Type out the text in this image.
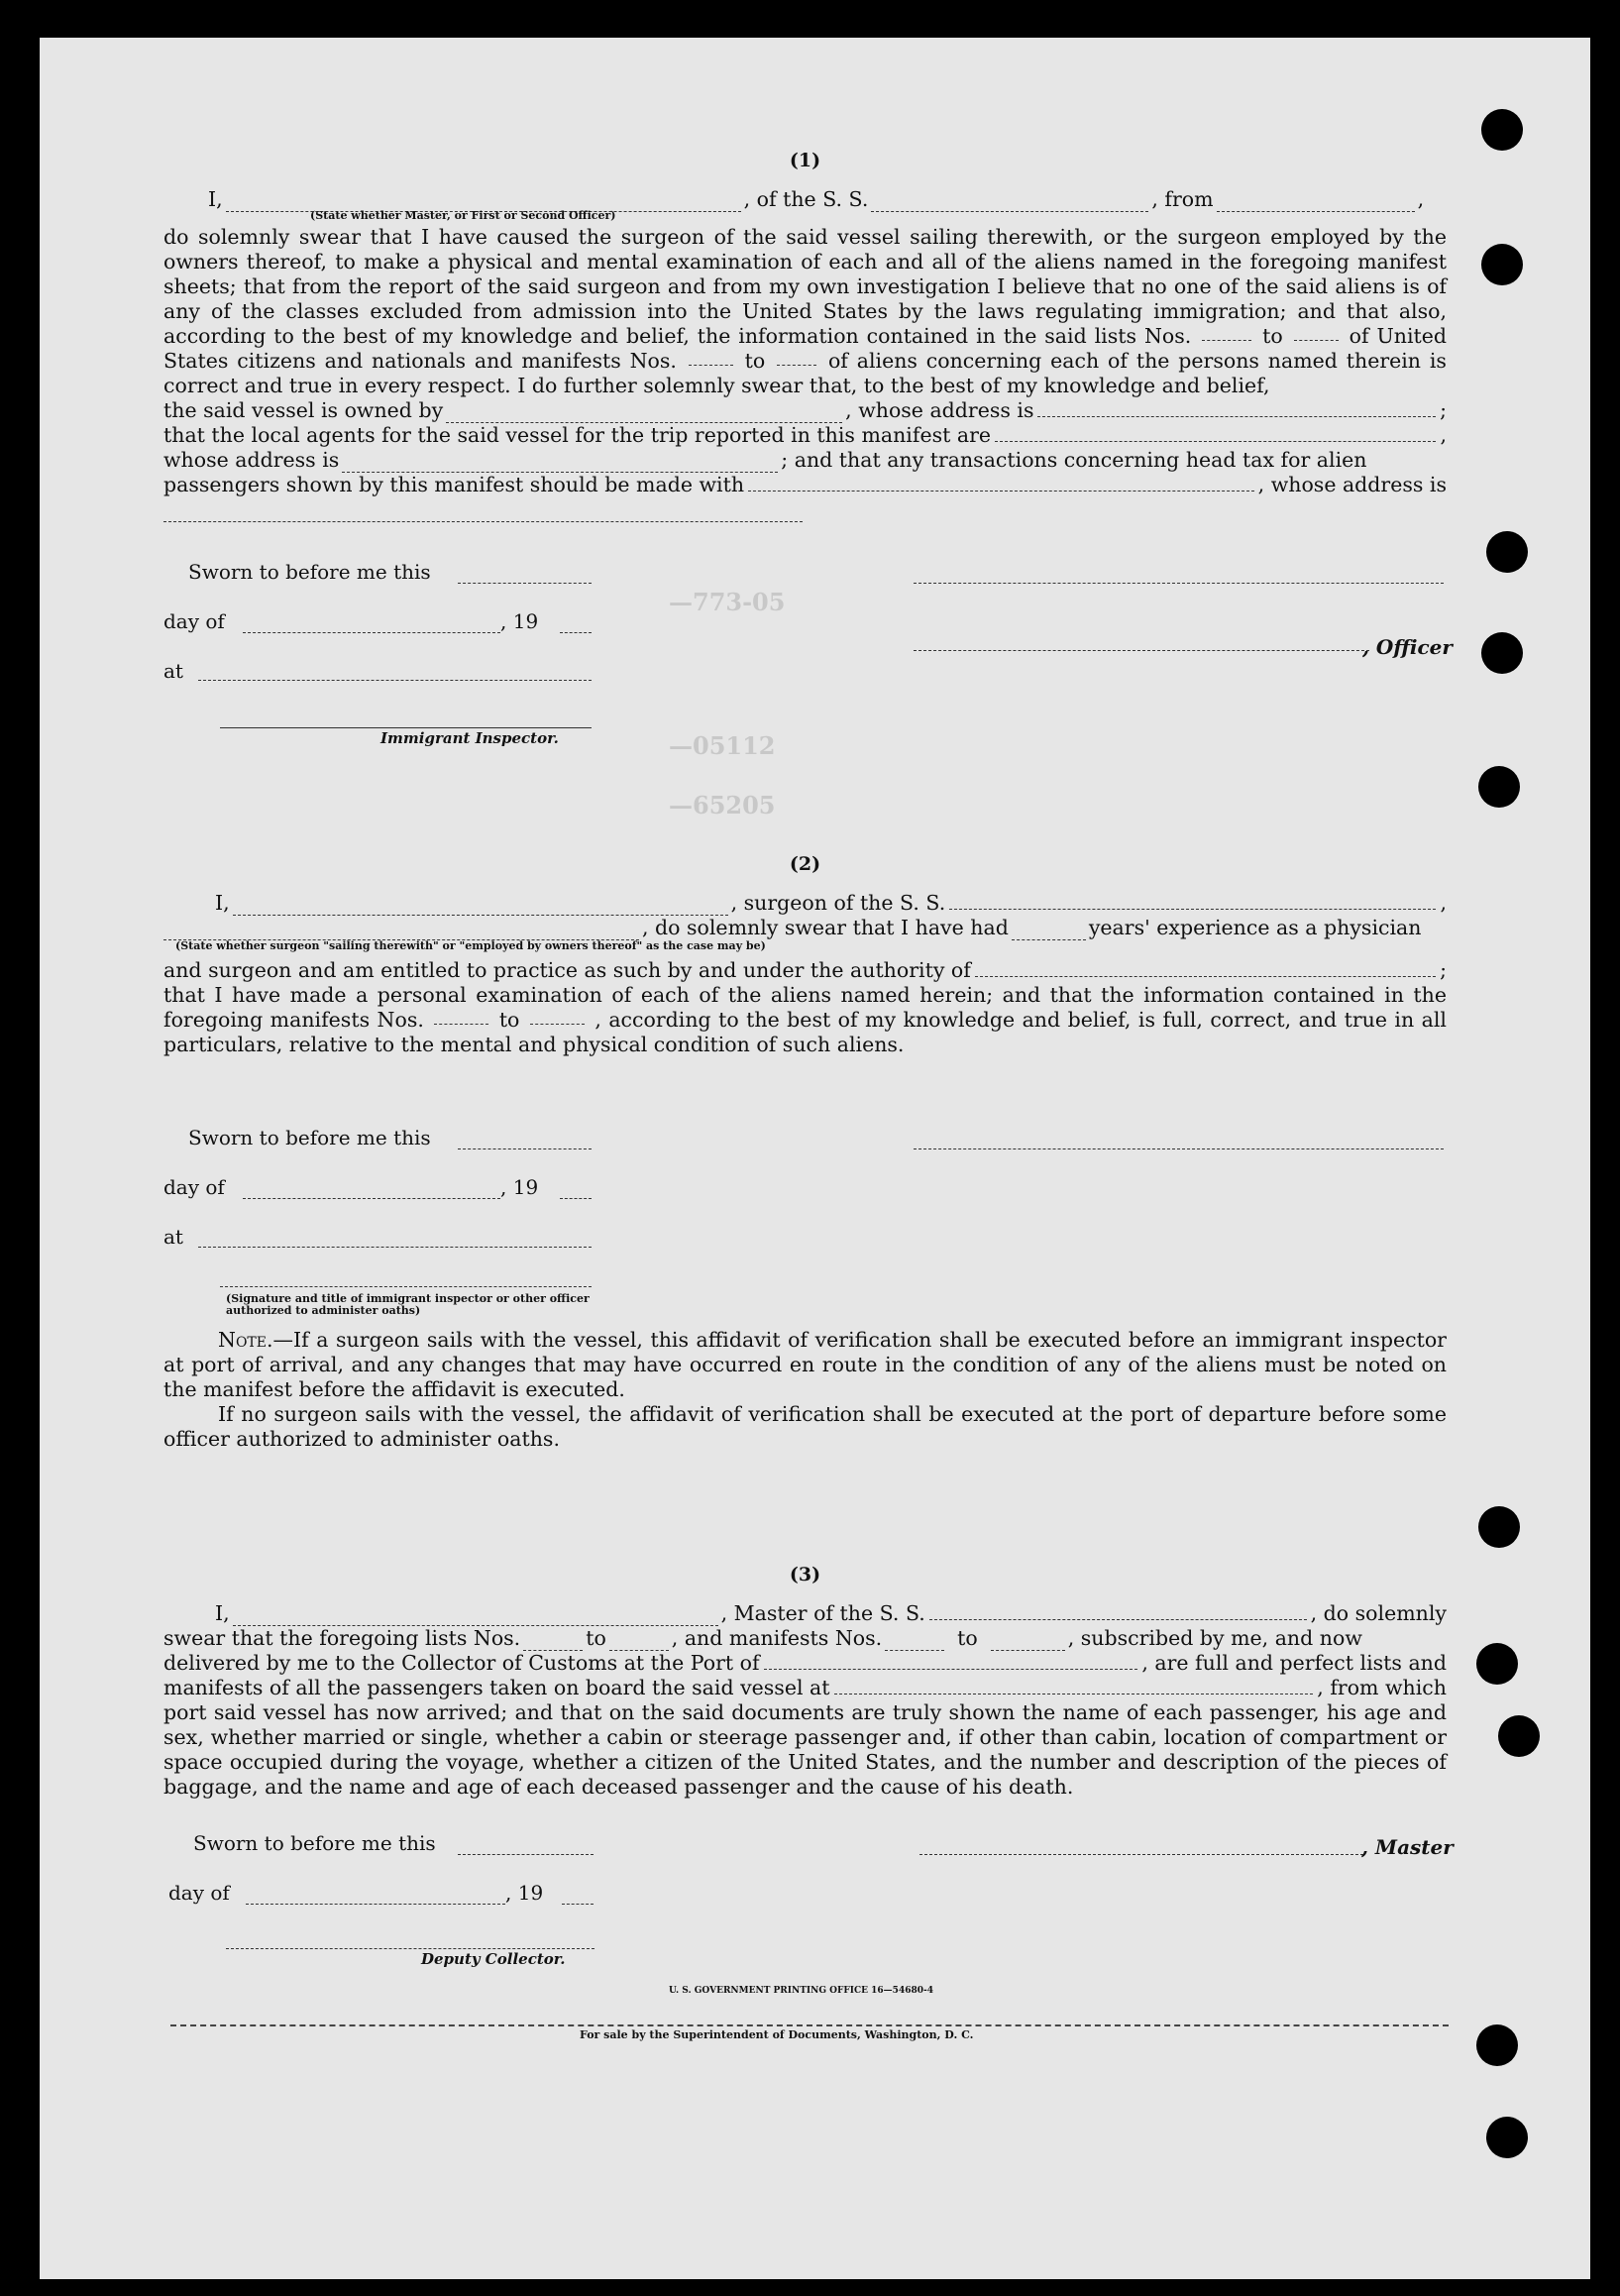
—773-05
—05112
—65205
(1)
I,	, of the S. S.	, from	,
(State whether Master, or First or Second Officer)
do solemnly swear that I have caused the surgeon of the said vessel sailing therewith, or the surgeon employed by the owners thereof, to make a physical and mental examination of each and all of the aliens named in the foregoing manifest sheets; that from the report of the said surgeon and from my own investigation I believe that no one of the said aliens is of any of the classes excluded from admission into the United States by the laws regulating immigration; and that also, according to the best of my knowledge and belief, the information contained in the said lists Nos.	to	of United States citizens and nationals and manifests Nos.	to	of aliens concerning each of the persons named therein is correct and true in every respect. I do further solemnly swear that, to the best of my knowledge and belief,
the said vessel is owned by	, whose address is	;
that the local agents for the said vessel for the trip reported in this manifest are	,
whose address is	; and that any transactions concerning head tax for alien
passengers shown by this manifest should be made with	, whose address is
Sworn to before me this
day of	, 19
at
Immigrant Inspector.
, Officer
(2)
I,	, surgeon of the S. S.	,
, do solemnly swear that I have had	years' experience as a physician
(State whether surgeon "sailing therewith" or "employed by owners thereof" as the case may be)
and surgeon and am entitled to practice as such by and under the authority of	;
that I have made a personal examination of each of the aliens named herein; and that the information contained in the foregoing manifests Nos.	to	, according to the best of my knowledge and belief, is full, correct, and true in all particulars, relative to the mental and physical condition of such aliens.
Sworn to before me this
day of	, 19
at
(Signature and title of immigrant inspector or other officer authorized to administer oaths)
Note.—If a surgeon sails with the vessel, this affidavit of verification shall be executed before an immigrant inspector at port of arrival, and any changes that may have occurred en route in the condition of any of the aliens must be noted on the manifest before the affidavit is executed.
If no surgeon sails with the vessel, the affidavit of verification shall be executed at the port of departure before some officer authorized to administer oaths.
(3)
I,	, Master of the S. S.	, do solemnly
swear that the foregoing lists Nos.	to	, and manifests Nos.	to	, subscribed by me, and now
delivered by me to the Collector of Customs at the Port of	, are full and perfect lists and
manifests of all the passengers taken on board the said vessel at	, from which
port said vessel has now arrived; and that on the said documents are truly shown the name of each passenger, his age and sex, whether married or single, whether a cabin or steerage passenger and, if other than cabin, location of compartment or space occupied during the voyage, whether a citizen of the United States, and the number and description of the pieces of baggage, and the name and age of each deceased passenger and the cause of his death.
Sworn to before me this
day of	, 19
Deputy Collector.
, Master
U. S. GOVERNMENT PRINTING OFFICE 16—54680-4
For sale by the Superintendent of Documents, Washington, D. C.
